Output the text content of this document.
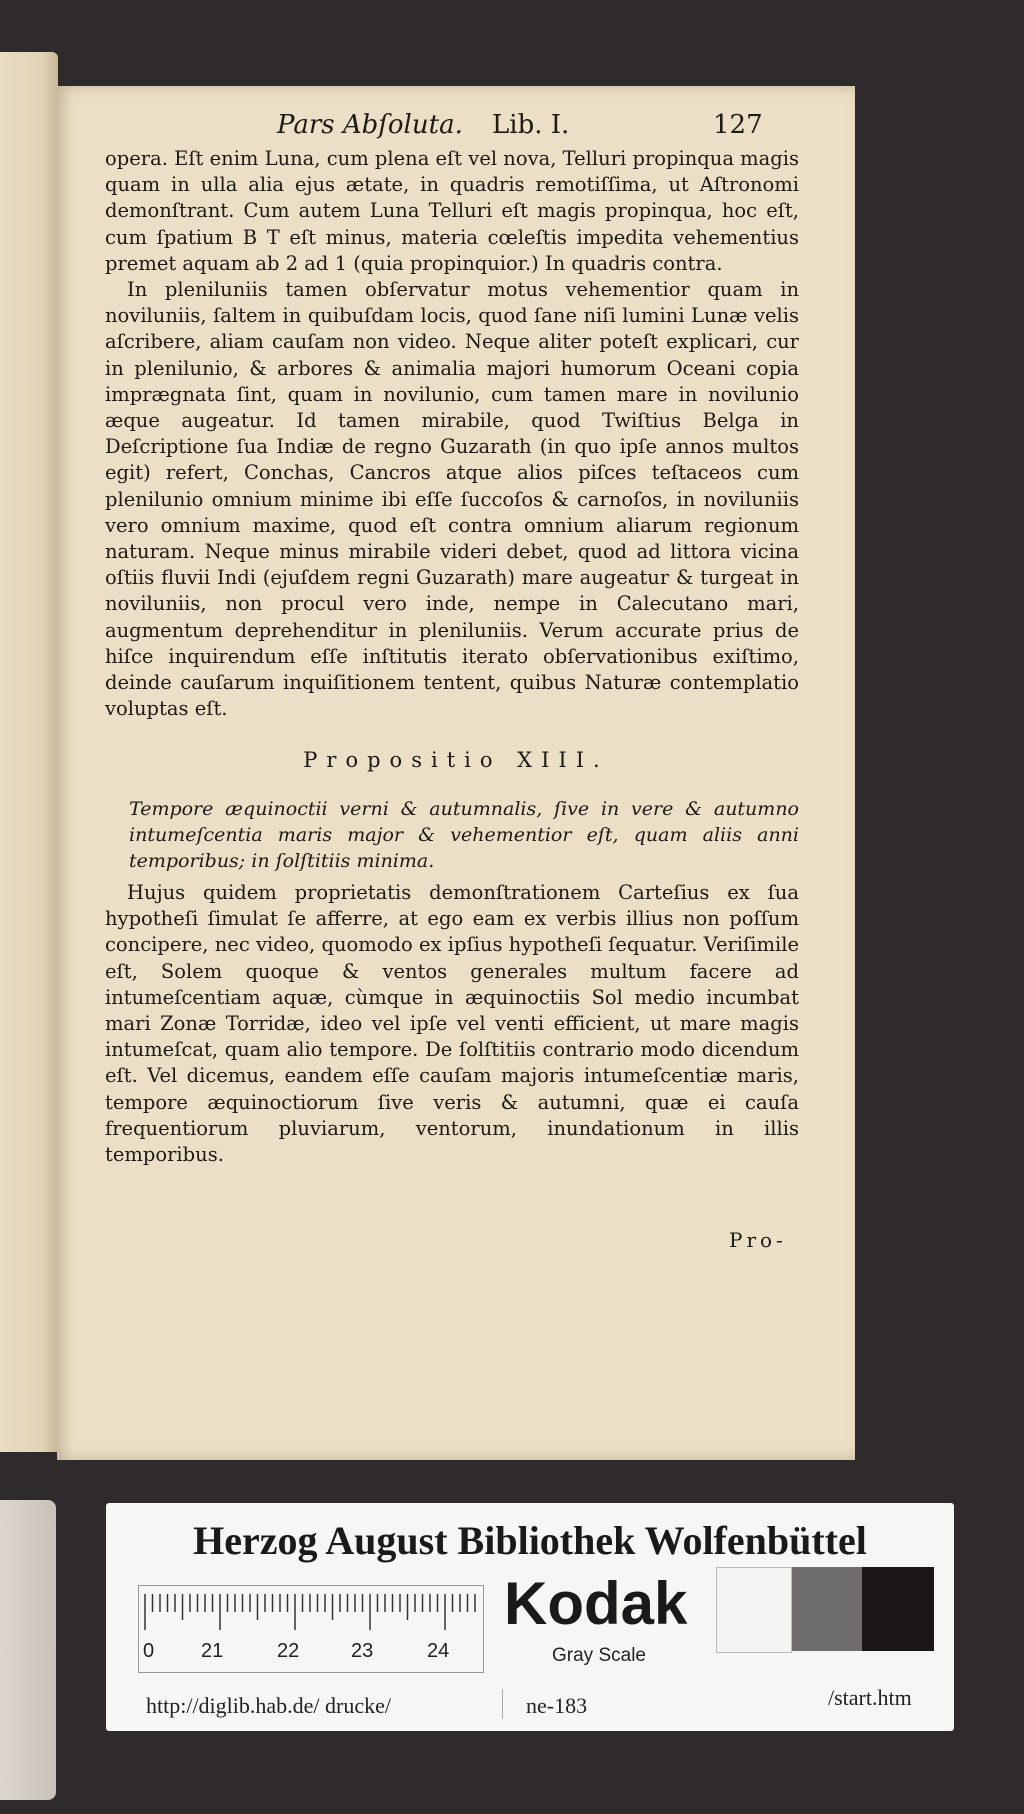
Pars Abſoluta. Lib. I.	127

opera. Eſt enim Luna, cum plena eſt vel nova, Telluri propinqua magis quam in ulla alia ejus ætate, in quadris remotiſſima, ut Aſtronomi demonſtrant. Cum autem Luna Telluri eſt magis propinqua, hoc eſt, cum ſpatium B T eſt minus, materia cœleſtis impedita vehementius premet aquam ab 2 ad 1 (quia propinquior.) In quadris contra.

In pleniluniis tamen obſervatur motus vehementior quam in noviluniis, ſaltem in quibuſdam locis, quod ſane niſi lumini Lunæ velis aſcribere, aliam cauſam non video. Neque aliter poteſt explicari, cur in plenilunio, & arbores & animalia majori humorum Oceani copia imprægnata ſint, quam in novilunio, cum tamen mare in novilunio æque augeatur. Id tamen mirabile, quod Twiſtius Belga in Deſcriptione ſua Indiæ de regno Guzarath (in quo ipſe annos multos egit) refert, Conchas, Cancros atque alios piſces teſtaceos cum plenilunio omnium minime ibi eſſe ſuccoſos & carnoſos, in noviluniis vero omnium maxime, quod eſt contra omnium aliarum regionum naturam. Neque minus mirabile videri debet, quod ad littora vicina oſtiis fluvii Indi (ejuſdem regni Guzarath) mare augeatur & turgeat in noviluniis, non procul vero inde, nempe in Calecutano mari, augmentum deprehenditur in pleniluniis. Verum accurate prius de hiſce inquirendum eſſe inſtitutis iterato obſervationibus exiſtimo, deinde cauſarum inquiſitionem tentent, quibus Naturæ contemplatio voluptas eſt.

Propositio XIII.
Tempore æquinoctii verni & autumnalis, ſive in vere & autumno intumeſcentia maris major & vehementior eſt, quam aliis anni temporibus; in ſolſtitiis minima.

Hujus quidem proprietatis demonſtrationem Carteſius ex ſua hypotheſi ſimulat ſe afferre, at ego eam ex verbis illius non poſſum concipere, nec video, quomodo ex ipſius hypotheſi ſequatur. Veriſimile eſt, Solem quoque & ventos generales multum facere ad intumeſcentiam aquæ, cùmque in æquinoctiis Sol medio incumbat mari Zonæ Torridæ, ideo vel ipſe vel venti efficient, ut mare magis intumeſcat, quam alio tempore. De ſolſtitiis contrario modo dicendum eſt. Vel dicemus, eandem eſſe cauſam majoris intumeſcentiæ maris, tempore æquinoctiorum ſive veris & autumni, quæ ei cauſa frequentiorum pluviarum, ventorum, inundationum in illis temporibus.

Pro-
Herzog August Bibliothek Wolfenbüttel
0 21	22	23	24
Kodak
Gray Scale
http://diglib.hab.de/ drucke/	ne-183	/start.htm
